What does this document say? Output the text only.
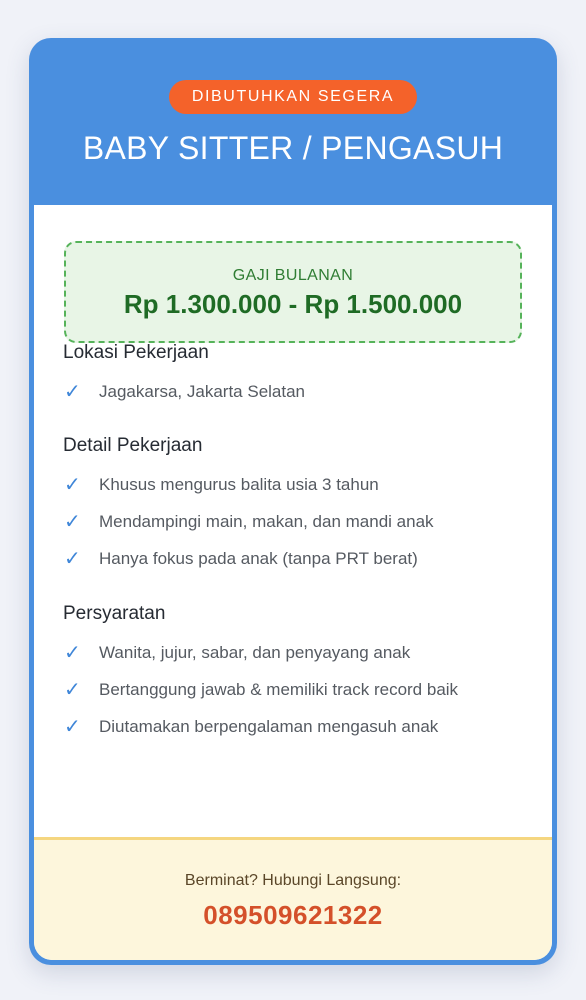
DIBUTUHKAN SEGERA
BABY SITTER / PENGASUH
GAJI BULANAN
Rp 1.300.000 - Rp 1.500.000
Lokasi Pekerjaan
✓	Jagakarsa, Jakarta Selatan
Detail Pekerjaan
✓	Khusus mengurus balita usia 3 tahun
✓	Mendampingi main, makan, dan mandi anak
✓	Hanya fokus pada anak (tanpa PRT berat)
Persyaratan
✓	Wanita, jujur, sabar, dan penyayang anak
✓	Bertanggung jawab & memiliki track record baik
✓	Diutamakan berpengalaman mengasuh anak
Berminat? Hubungi Langsung:
089509621322
